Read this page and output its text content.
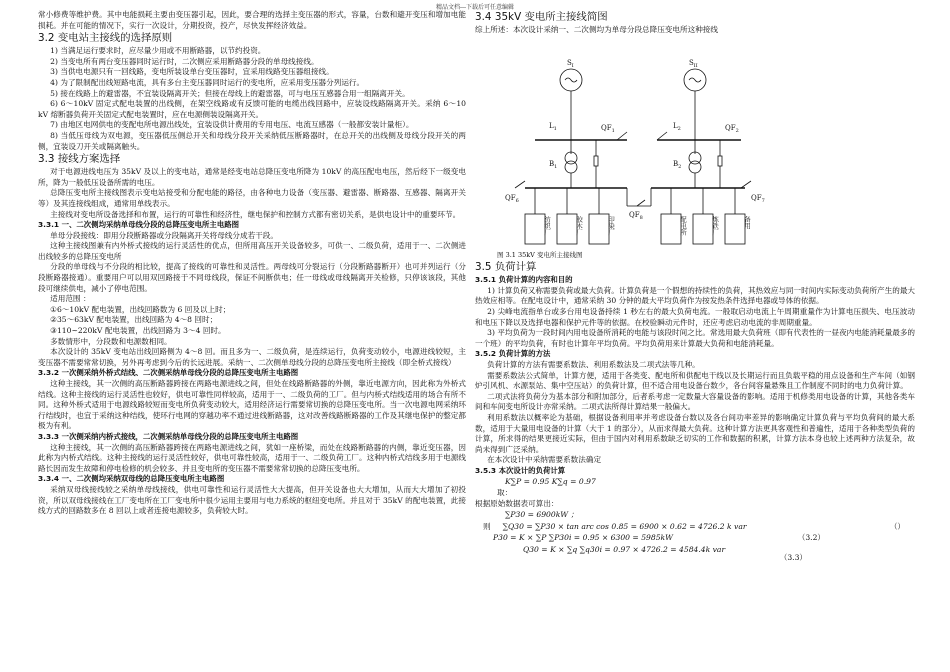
精品文档---下载后可任意编辑

常小修费等维护费。其中电能损耗主要由变压器引起，因此，要合理的选择主变压器的形式，容量，台数和避开变压和增加电能损耗。并在可能的情况下，实行一次设计，分期投资，投产，尽快发挥经济效益。

3.2 变电站主接线的选择原则

1) 当满足运行要求时，应尽量少用或不用断路器，以节约投资。

2) 当变电所有两台变压器同时运行时，二次侧应采用断路器分段的单母线接线。

3) 当供电电源只有一回线路，变电所装设单台变压器时，宜采用线路变压器组接线。

4) 为了限制配出线短路电流，具有多台主变压器同时运行的变电所，应采用变压器分列运行。

5) 接在线路上的避雷器，不宜装设隔离开关；但接在母线上的避雷器，可与电压互感器合用一组隔离开关。

6) 6～10kV 固定式配电装置的出线侧，在架空线路或有反馈可能的电缆出线回路中，应装设线路隔离开关。采纳 6～10 kV 熔断器负荷开关固定式配电装置时，应在电源侧装设隔离开关。

7) 由地区电网供电的变配电所电源出线处，宜装设供计费用的专用电压、电流互感器（一般都安装计量柜）。

8) 当低压母线为双电源，变压器低压侧总开关和母线分段开关采纳低压断路器时，在总开关的出线侧及母线分段开关的两侧，宜装设刀开关或隔离触头。

3.3 接线方案选择

对于电源进线电压为 35kV 及以上的变电站，通常是经变电站总降压变电所降为 10kV 的高压配电电压，然后经下一级变电所，降为一般低压设备所需的电压。

总降压变电所主接线图表示变电站接受和分配电能的路径，由各种电力设备（变压器、避雷器、断路器、互感器、隔离开关等）及其连接线组成，通常用单线表示。

主接线对变电所设备选择和布置，运行的可靠性和经济性，继电保护和控制方式都有密切关系，是供电设计中的重要环节。

3.3.1 一、二次侧均采纳单母线分段的总降压变电所主电路图

单母分段接线：即用分段断路器或分段隔离开关将母线分成若干段。

这种主接线图兼有内外桥式接线的运行灵活性的优点，但所用高压开关设备较多，可供一、二级负荷，适用于一、二次侧进出线较多的总降压变电所

分段的单母线与不分段的相比较，提高了接线的可靠性和灵活性。两母线可分裂运行（分段断路器断开）也可并列运行（分段断路器接通）。重要用户可以用双回路接于不同母线段，保证不间断供电；任一母线或母线隔离开关检修，只停该该段，其他段可继续供电，减小了停电范围。

适用范围 ：

①6～10kV 配电装置，出线回路数为 6 回及以上时；

②35～63kV 配电装置，出线回路为 4～8 回时；

③110~220kV 配电装置，出线回路为 3～4 回时。

多数情形中，分段数和电源数相同。

本次设计的 35kV 变电站出线回路侧为 4～8 回。而且多为一、二级负荷，是连续运行，负荷变动较小，电源进线较短，主变压器不需要常常切换，另外再考虑到今后的长远进展。采纳一、二次侧单母线分段的总降压变电所主接线（即全桥式接线）

3.3.2 一次侧采纳外桥式结线、二次侧采纳单母线分段的总降压变电所主电路图

这种主接线，其一次侧的高压断路器跨接在两路电源进线之间，但处在线路断路器的外侧，靠近电源方向，因此称为外桥式结线。这种主接线的运行灵活性也较好，供电可靠性同样较高，适用于一、二级负荷的工厂。但与内桥式结线适用的场合有所不同。这种外桥式适用于电源线路较短而变电所负荷变动较大，适用经济运行需要常切换的总降压变电所。当一次电源电网采纳环行结线时，也宜于采纳这种结线，使环行电网的穿越功率不通过进线断路器，这对改善线路断路器的工作及其继电保护的整定都极为有利。

3.3.3 一次侧采纳内桥式接线，二次侧采纳单母线分段的总降压变电所主电路图

这种主接线，其一次侧的高压断路器跨接在两路电源进线之间，犹如一座桥梁，而处在线路断路器的内侧，靠近变压器，因此称为内桥式结线。这种主接线的运行灵活性较好，供电可靠性较高，适用于一、二级负荷工厂。这种内桥式结线多用于电源线路长因而发生故障和停电检修的机会较多、并且变电所的变压器不需要常常切换的总降压变电所。

3.3.4 一、二次侧均采纳双母线的总降压变电所主电路图

采纳双母线接线较之采纳单母线接线，供电可靠性和运行灵活性大大提高，但开关设备也大大增加，从而大大增加了初投资，所以双母线接线在工厂变电所在工厂变电所中很少运用主要用与电力系统的枢纽变电所。并且对于 35kV 的配电装置，此接线方式的回路数多在 8 回以上或者连接电源较多，负荷较大时。

3.4 35kV 变电所主接线简图

综上所述：本次设计采纳一、二次侧均为单母分段总降压变电所这种接线

$S_I$	$S_{II}$
$L_1$	$L_2$
$QF_1$	$QF_2$
$B_1$	$B_2$
$QF_6$	$QF_7$
$QF_8$
纺织厂	胶木厂	印染厂	配电所	炼铁厂	备用
图 3.1 35kV 变电所主接线图
3.5 负荷计算
3.5.1 负荷计算的内容和目的

1) 计算负荷又称需要负荷或最大负荷。计算负荷是一个假想的持续性的负荷，其热效应与同一时间内实际变动负荷所产生的最大热效应相等。在配电设计中，通常采纳 30 分钟的最大平均负荷作为按发热条件选择电器或导体的依据。

2) 尖峰电流指单台或多台用电设备持续 1 秒左右的最大负荷电流。一般取启动电流上午周期重量作为计算电压损失、电压波动和电压下降以及选择电器和保护元件等的依据。在校验瞬动元件时，还应考虑启动电流的非周期重量。

3) 平均负荷为一段时间内用电设备所消耗的电能与该段时间之比。常选用最大负荷班（即有代表性的一昼夜内电能消耗量最多的一个班）的平均负荷，有时也计算年平均负荷。平均负荷用来计算最大负荷和电能消耗量。

3.5.2 负荷计算的方法

负荷计算的方法有需要系数法、利用系数法及二项式法等几种。

需要系数法公式简单，计算方便，适用于各类变、配电所和供配电干线以及长期运行而且负载平稳的用点设备和生产车间（如钢炉引风机、水源泵站、集中空压站）的负荷计算，但不适合用电设备台数少，各台间容量悬殊且工作制度不同时的电力负荷计算。

二项式法将负荷分为基本部分和附加部分，后者系考虑一定数量大容量设备的影响。适用于机修类用电设备的计算，其他各类车间和车间变电所设计亦常采纳。二项式法所得计算结果一般偏大。

利用系数法以概率论为基础，根据设备利用率并考虑设备台数以及各台间功率差异的影响确定计算负荷与平均负荷间的最大系数，适用于大量用电设备的计算（大于 1 的部分），从而求得最大负荷。这种计算方法更具客观性和普遍性，适用于各种类型负荷的计算，所求得的结果更接近实际，但由于国内对利用系数缺乏切实的工作和数据的积累，计算方法本身也较上述两种方法复杂，故尚未得到广泛采纳。

在本次设计中采纳需要系数法确定

3.5.3 本次设计的负荷计算
K∑P = 0.95 K∑q = 0.97
取：
根据原始数据表可算出：
∑P30 = 6900kW ；
则 ∑Q30 = ∑P30 × tan arc cos 0.85 = 6900 × 0.62 = 4726.2 k var	（）
P30 = K × ∑P ∑P30i = 0.95 × 6300 = 5985kW	（3.2）
Q30 = K × ∑q ∑q30i = 0.97 × 4726.2 = 4584.4k var
（3.3）
